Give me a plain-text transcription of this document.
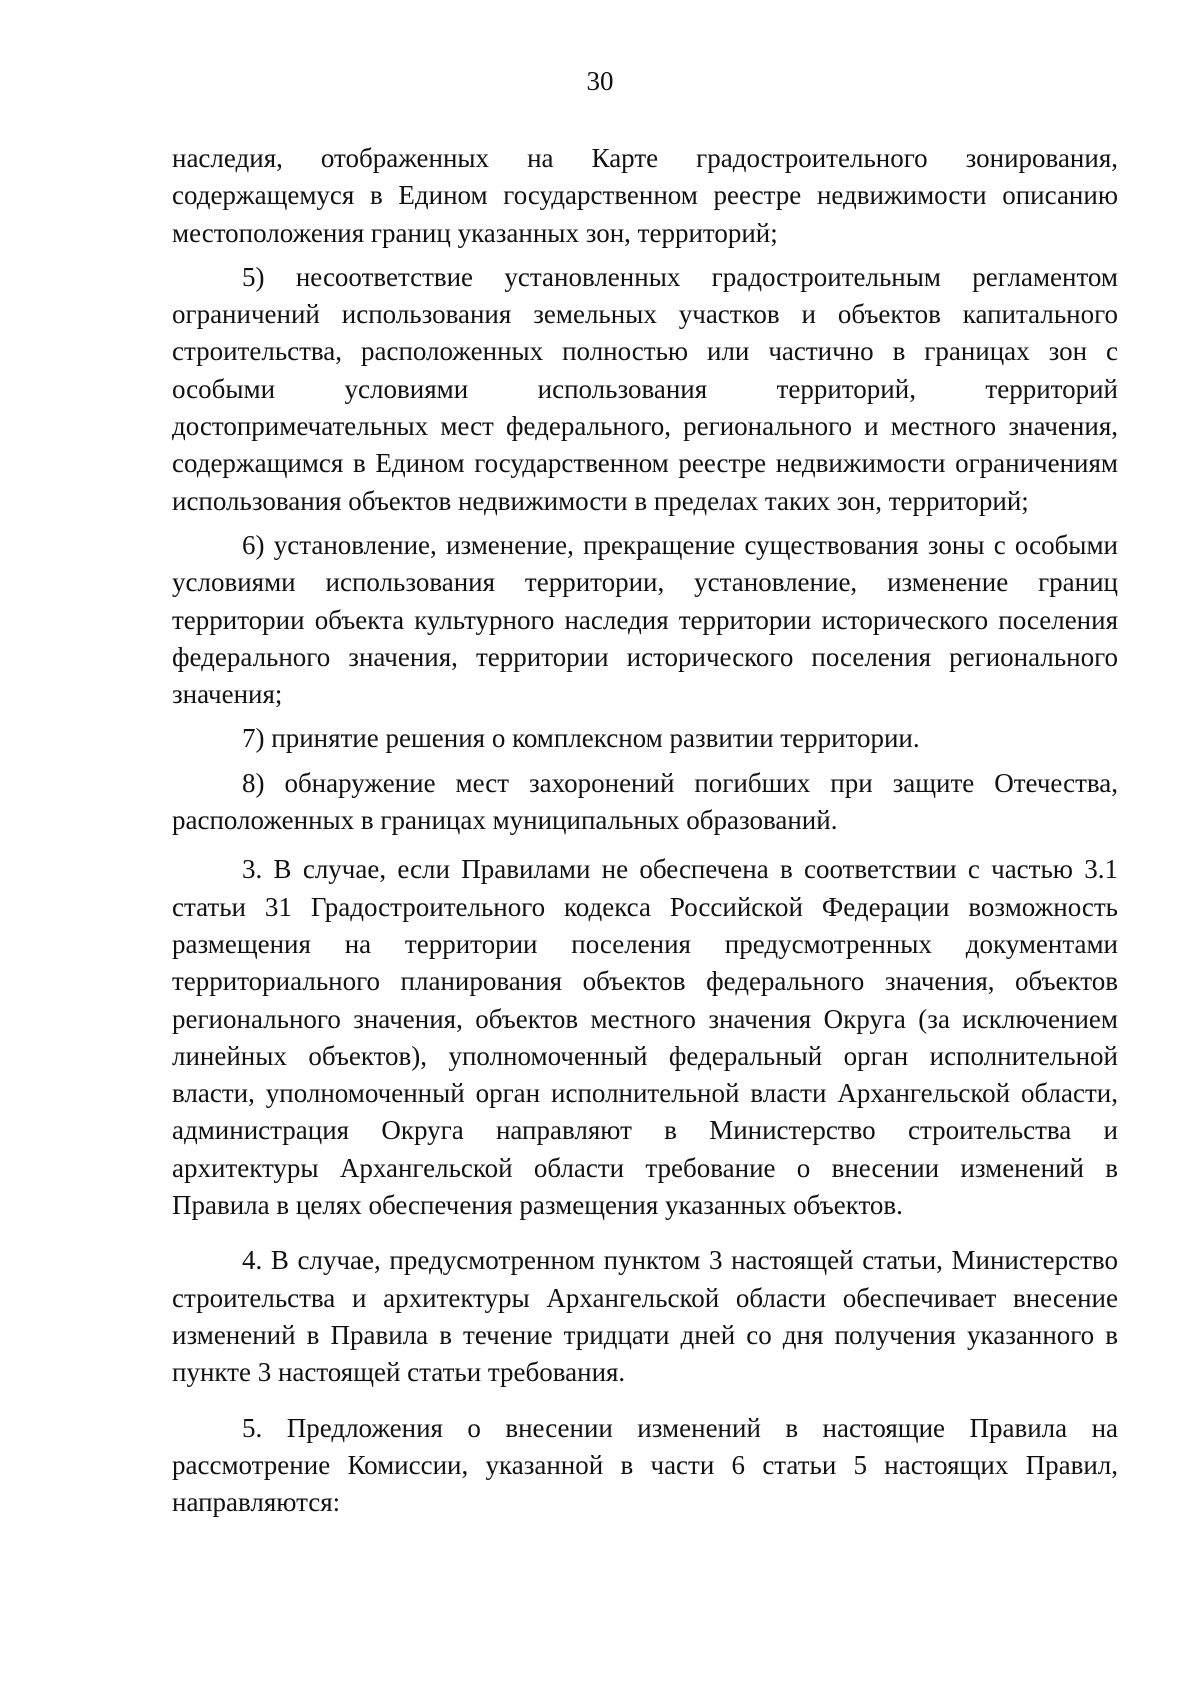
30

наследия, отображенных на Карте градостроительного зонирования, содержащемуся в Едином государственном реестре недвижимости описанию местоположения границ указанных зон, территорий;

5) несоответствие установленных градостроительным регламентом ограничений использования земельных участков и объектов капитального строительства, расположенных полностью или частично в границах зон с особыми условиями использования территорий, территорий достопримечательных мест федерального, регионального и местного значения, содержащимся в Едином государственном реестре недвижимости ограничениям использования объектов недвижимости в пределах таких зон, территорий;

6) установление, изменение, прекращение существования зоны с особыми условиями использования территории, установление, изменение границ территории объекта культурного наследия территории исторического поселения федерального значения, территории исторического поселения регионального значения;

7) принятие решения о комплексном развитии территории.

8) обнаружение мест захоронений погибших при защите Отечества, расположенных в границах муниципальных образований.

3. В случае, если Правилами не обеспечена в соответствии с частью 3.1 статьи 31 Градостроительного кодекса Российской Федерации возможность размещения на территории поселения предусмотренных документами территориального планирования объектов федерального значения, объектов регионального значения, объектов местного значения Округа (за исключением линейных объектов), уполномоченный федеральный орган исполнительной власти, уполномоченный орган исполнительной власти Архангельской области, администрация Округа направляют в Министерство строительства и архитектуры Архангельской области требование о внесении изменений в Правила в целях обеспечения размещения указанных объектов.

4. В случае, предусмотренном пунктом 3 настоящей статьи, Министерство строительства и архитектуры Архангельской области обеспечивает внесение изменений в Правила в течение тридцати дней со дня получения указанного в пункте 3 настоящей статьи требования.

5. Предложения о внесении изменений в настоящие Правила на рассмотрение Комиссии, указанной в части 6 статьи 5 настоящих Правил, направляются:
